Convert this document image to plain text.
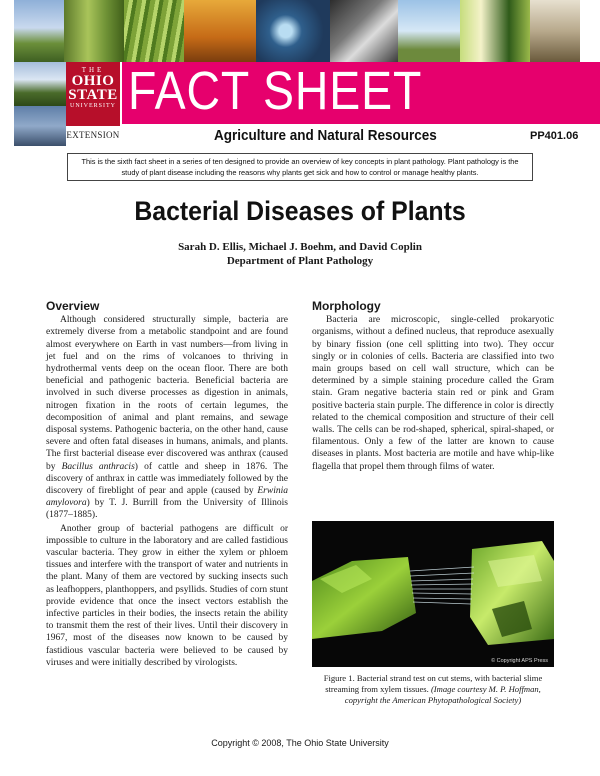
THE
OHIO
STATE
UNIVERSITY
EXTENSION
FACT SHEET
Agriculture and Natural Resources	PP401.06
This is the sixth fact sheet in a series of ten designed to provide an overview of key concepts in plant pathology. Plant pathology is the study of plant disease including the reasons why plants get sick and how to control or manage healthy plants.
Bacterial Diseases of Plants
Sarah D. Ellis, Michael J. Boehm, and David Coplin
Department of Plant Pathology
Overview

Although considered structurally simple, bacteria are extremely diverse from a metabolic standpoint and are found almost everywhere on Earth in vast numbers—from living in jet fuel and on the rims of volcanoes to thriving in hydrothermal vents deep on the ocean floor. There are both beneficial and pathogenic bacteria. Beneficial bacteria are involved in such diverse processes as digestion in animals, nitrogen fixation in the roots of certain legumes, the decomposition of animal and plant remains, and sewage disposal systems. Pathogenic bacteria, on the other hand, cause severe and often fatal diseases in humans, animals, and plants. The first bacterial disease ever discovered was anthrax (caused by Bacillus anthracis) of cattle and sheep in 1876. The discovery of anthrax in cattle was immediately followed by the discovery of fireblight of pear and apple (caused by Erwinia amylovora) by T. J. Burrill from the University of Illinois (1877–1885).

Another group of bacterial pathogens are difficult or impossible to culture in the laboratory and are called fastidious vascular bacteria. They grow in either the xylem or phloem tissues and interfere with the transport of water and nutrients in the plant. Many of them are vectored by sucking insects such as leafhoppers, planthoppers, and psyllids. Studies of corn stunt provide evidence that once the insect vectors establish the infective particles in their bodies, the insects retain the ability to transmit them the rest of their lives. Until their discovery in 1967, most of the diseases now known to be caused by fastidious vascular bacteria were believed to be caused by viruses and were initially described by virologists.

Morphology

Bacteria are microscopic, single-celled prokaryotic organisms, without a defined nucleus, that reproduce asexually by binary fission (one cell splitting into two). They occur singly or in colonies of cells. Bacteria are classified into two main groups based on cell wall structure, which can be determined by a simple staining procedure called the Gram stain. Gram negative bacteria stain red or pink and Gram positive bacteria stain purple. The difference in color is directly related to the chemical composition and structure of their cell walls. The cells can be rod-shaped, spherical, spiral-shaped, or filamentous. Only a few of the latter are known to cause diseases in plants. Most bacteria are motile and have whip-like flagella that propel them through films of water.

© Copyright APS Press
Figure 1. Bacterial strand test on cut stems, with bacterial slime streaming from xylem tissues. (Image courtesy M. P. Hoffman, copyright the American Phytopathological Society)
Copyright © 2008, The Ohio State University
